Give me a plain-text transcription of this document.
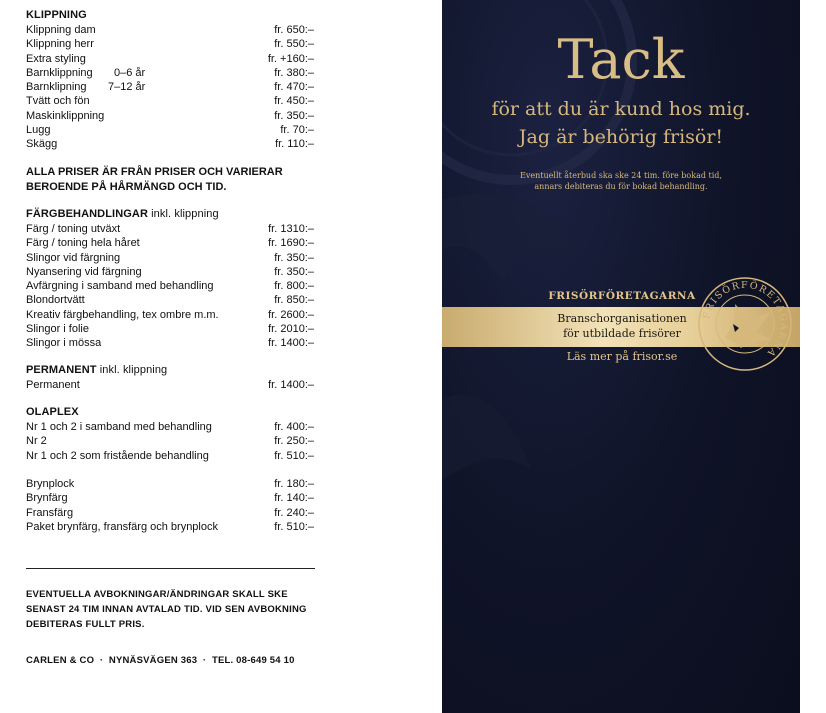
KLIPPNING
Klippning dam	fr. 650:–
Klippning herr	fr. 550:–
Extra styling	fr. +160:–
Barnklippning 0–6 år	fr. 380:–
Barnklipning 7–12 år	fr. 470:–
Tvätt och fön	fr. 450:–
Maskinklippning	fr. 350:–
Lugg	fr. 70:–
Skägg	fr. 110:–
ALLA PRISER ÄR FRÅN PRISER OCH VARIERAR
BEROENDE PÅ HÅRMÄNGD OCH TID.
FÄRGBEHANDLINGAR inkl. klippning
Färg / toning utväxt	fr. 1310:–
Färg / toning hela håret	fr. 1690:–
Slingor vid färgning	fr. 350:–
Nyansering vid färgning	fr. 350:–
Avfärgning i samband med behandling	fr. 800:–
Blondortvätt	fr. 850:–
Kreativ färgbehandling, tex ombre m.m.	fr. 2600:–
Slingor i folie	fr. 2010:–
Slingor i mössa	fr. 1400:–
PERMANENT inkl. klippning
Permanent	fr. 1400:–
OLAPLEX
Nr 1 och 2 i samband med behandling	fr. 400:–
Nr 2	fr. 250:–
Nr 1 och 2 som fristående behandling	fr. 510:–
Brynplock	fr. 180:–
Brynfärg	fr. 140:–
Fransfärg	fr. 240:–
Paket brynfärg, fransfärg och brynplock	fr. 510:–
EVENTUELLA AVBOKNINGAR/ÄNDRINGAR SKALL SKE
SENAST 24 TIM INNAN AVTALAD TID. VID SEN AVBOKNING
DEBITERAS FULLT PRIS.
CARLEN & CO  ·  NYNÄSVÄGEN 363  ·  TEL. 08-649 54 10
Tack
för att du är kund hos mig.
Jag är behörig frisör!
Eventuellt återbud ska ske 24 tim. före bokad tid,
annars debiteras du för bokad behandling.
FRISÖRFÖRETAGARNA
Branschorganisationen
för utbildade frisörer
Läs mer på frisor.se
FRISÖRFÖRETAGARNA
